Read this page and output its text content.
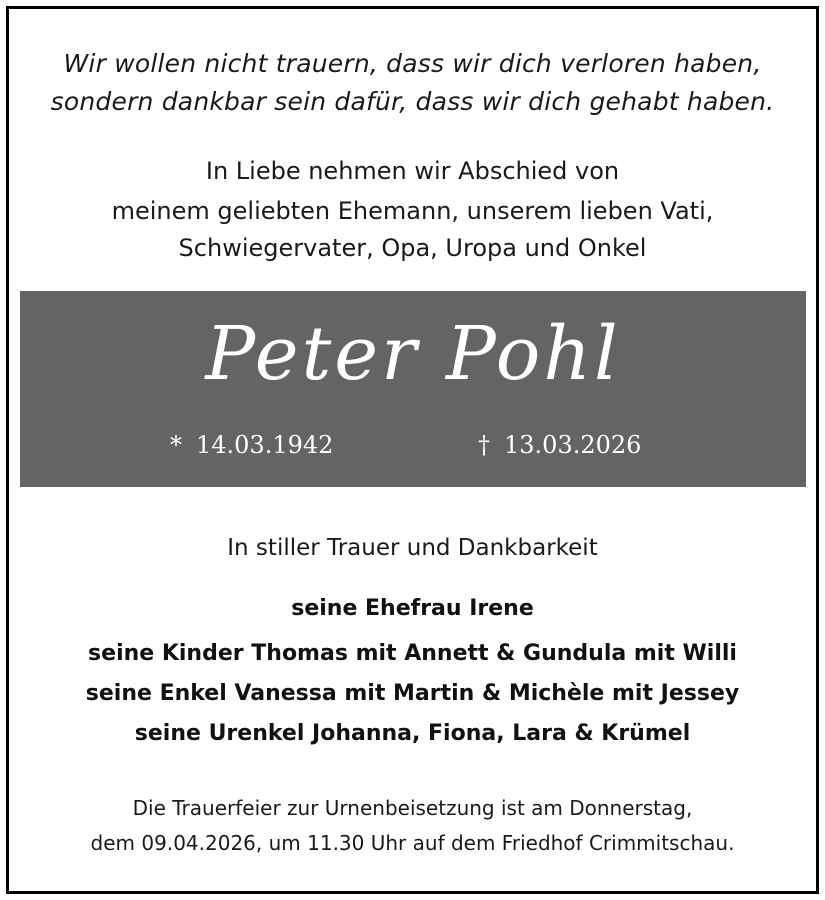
Wir wollen nicht trauern, dass wir dich verloren haben,
sondern dankbar sein dafür, dass wir dich gehabt haben.
In Liebe nehmen wir Abschied von
meinem geliebten Ehemann, unserem lieben Vati,
Schwiegervater, Opa, Uropa und Onkel
Peter Pohl
* 14.03.1942	† 13.03.2026
In stiller Trauer und Dankbarkeit
seine Ehefrau Irene
seine Kinder Thomas mit Annett & Gundula mit Willi
seine Enkel Vanessa mit Martin & Michèle mit Jessey
seine Urenkel Johanna, Fiona, Lara & Krümel
Die Trauerfeier zur Urnenbeisetzung ist am Donnerstag,
dem 09.04.2026, um 11.30 Uhr auf dem Friedhof Crimmitschau.
